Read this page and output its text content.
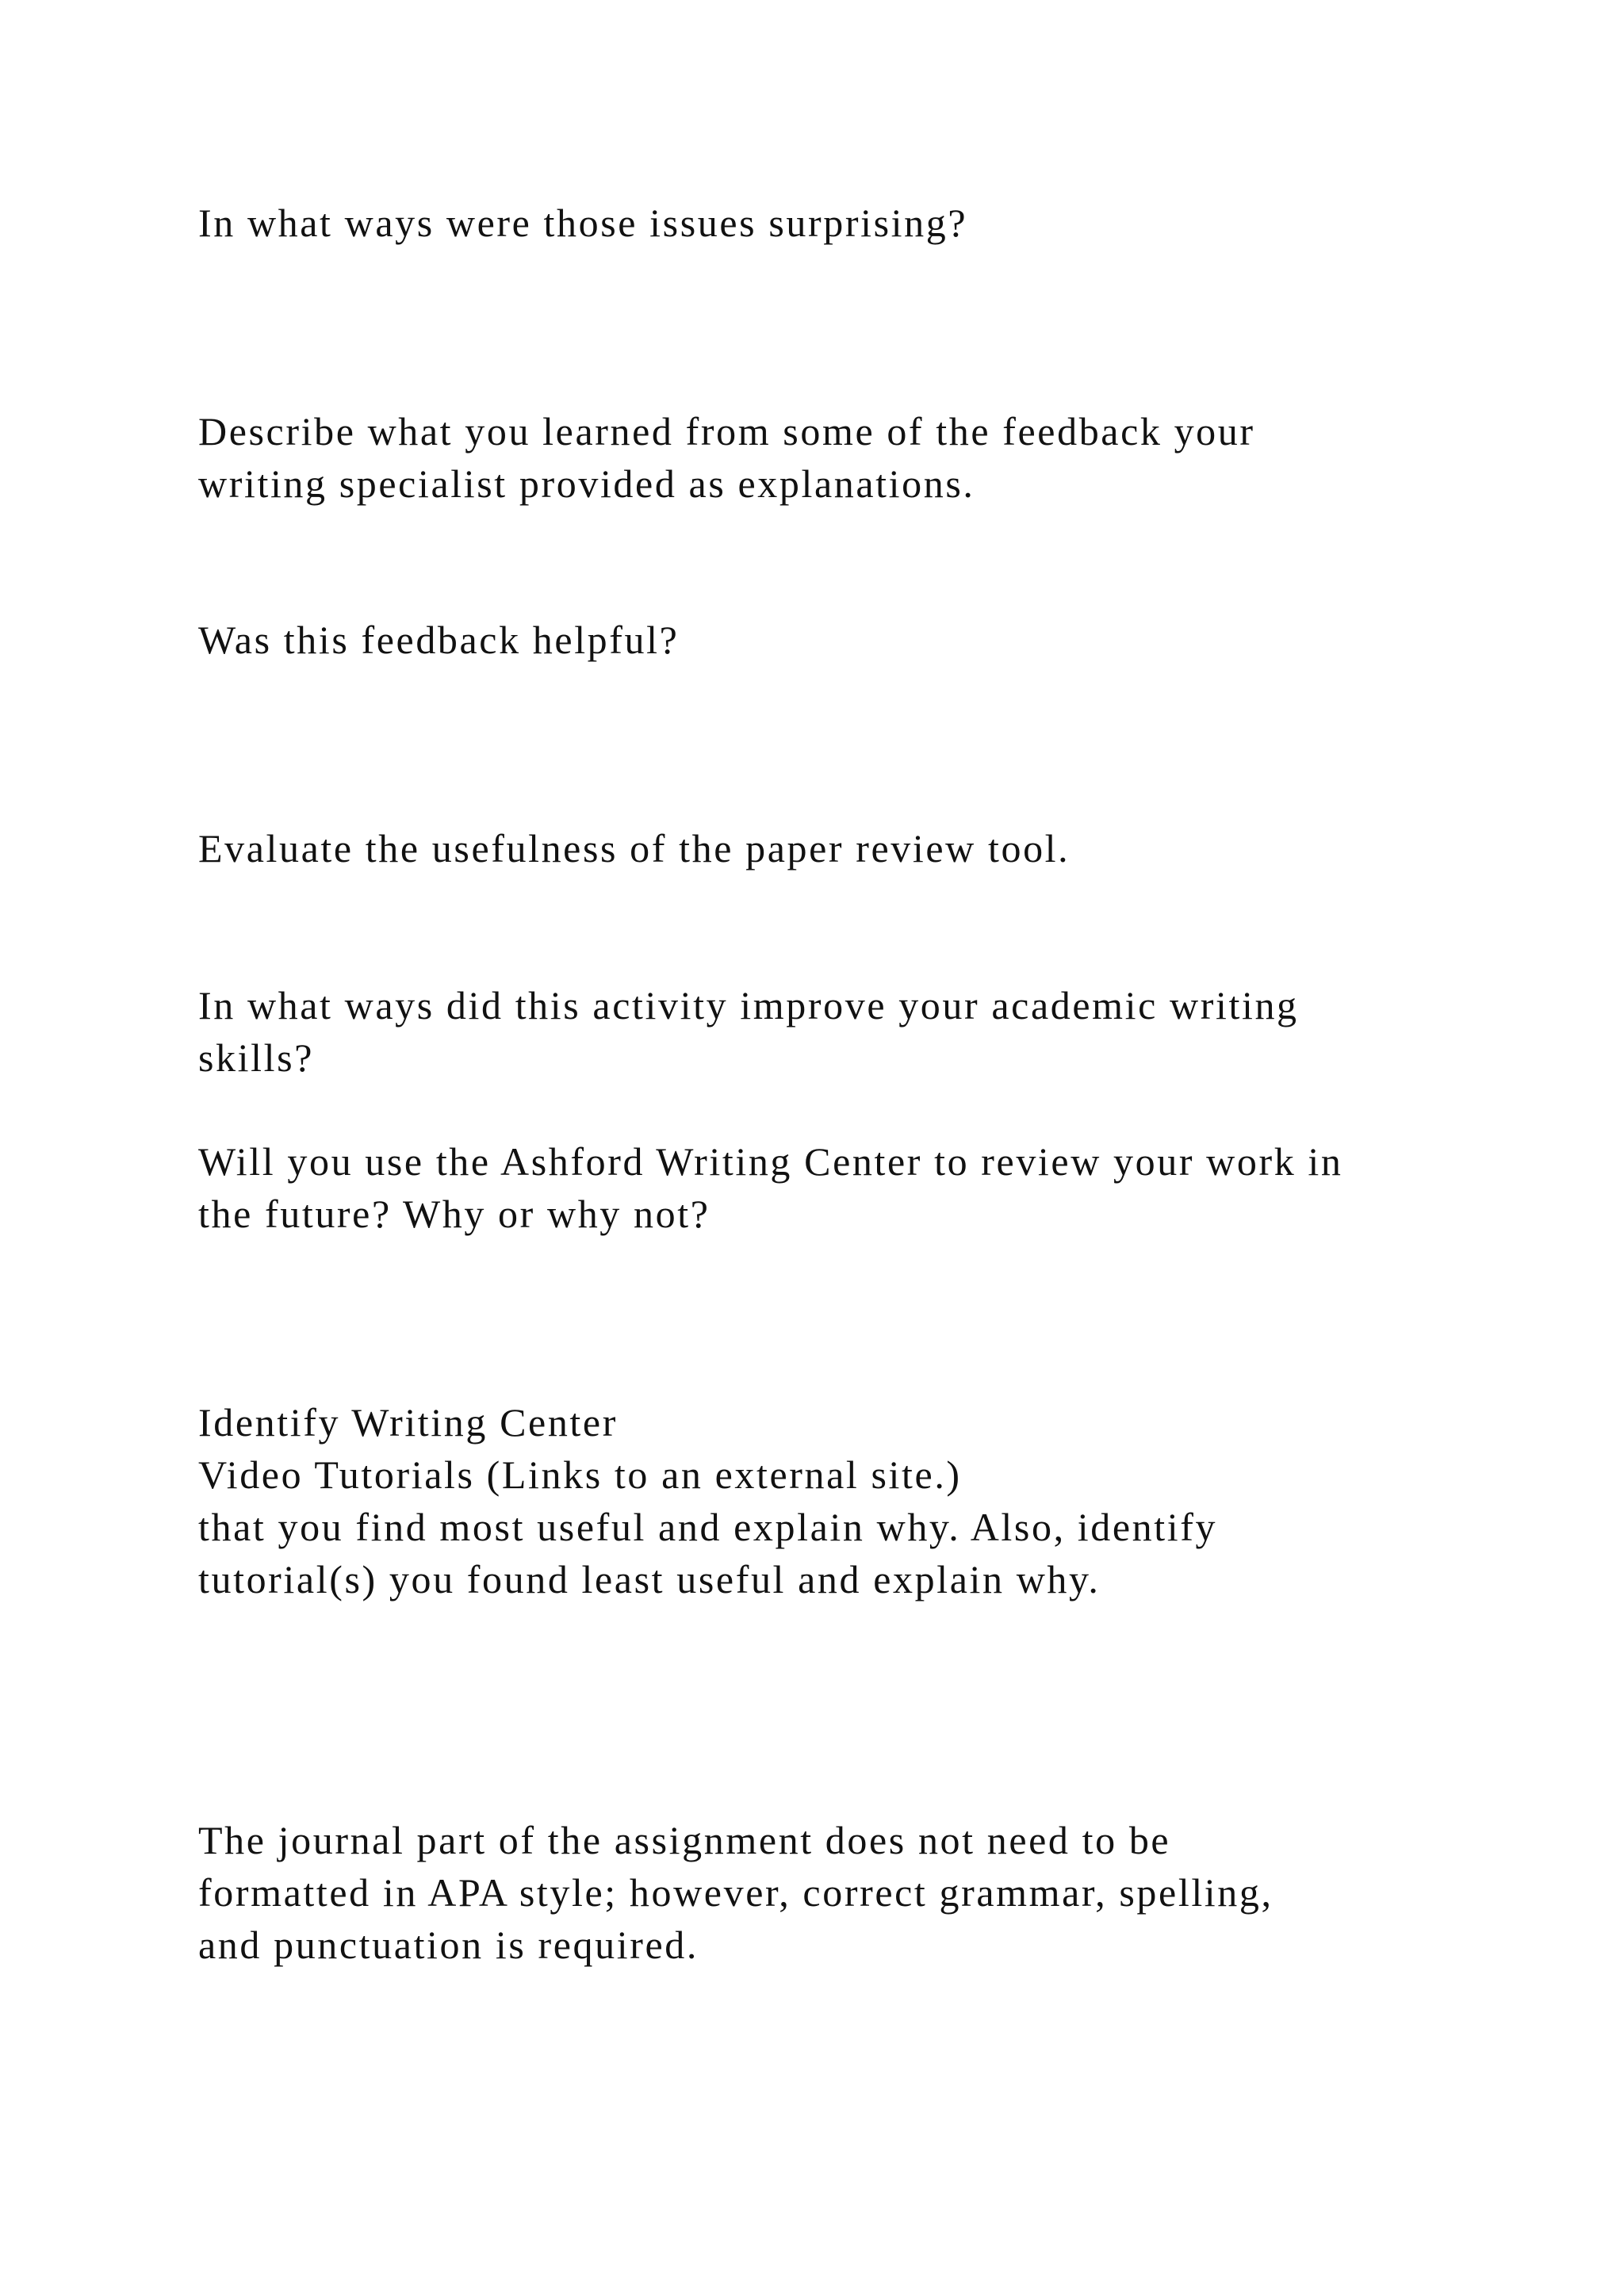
In what ways were those issues surprising?

Describe what you learned from some of the feedback your

writing specialist provided as explanations.

Was this feedback helpful?

Evaluate the usefulness of the paper review tool.

In what ways did this activity improve your academic writing

skills?

Will you use the Ashford Writing Center to review your work in

the future? Why or why not?

Identify Writing Center

Video Tutorials (Links to an external site.)

that you find most useful and explain why. Also, identify

tutorial(s) you found least useful and explain why.

The journal part of the assignment does not need to be

formatted in APA style; however, correct grammar, spelling,

and punctuation is required.
